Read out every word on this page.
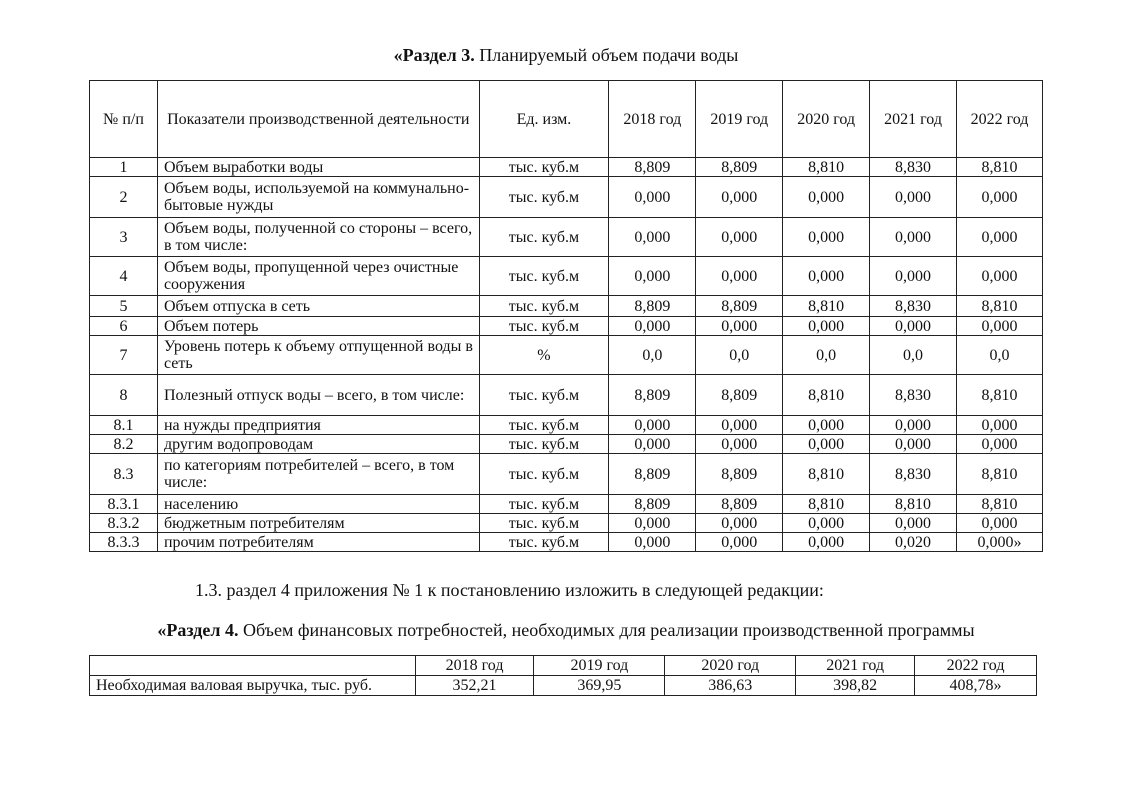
«Раздел 3. Планируемый объем подачи воды
№ п/п	Показатели производственной деятельности	Ед. изм.	2018 год	2019 год	2020 год	2021 год	2022 год
1	Объем выработки воды	тыс. куб.м	8,809	8,809	8,810	8,830	8,810
2	Объем воды, используемой на коммунально-бытовые нужды	тыс. куб.м	0,000	0,000	0,000	0,000	0,000
3	Объем воды, полученной со стороны – всего, в том числе:	тыс. куб.м	0,000	0,000	0,000	0,000	0,000
4	Объем воды, пропущенной через очистные сооружения	тыс. куб.м	0,000	0,000	0,000	0,000	0,000
5	Объем отпуска в сеть	тыс. куб.м	8,809	8,809	8,810	8,830	8,810
6	Объем потерь	тыс. куб.м	0,000	0,000	0,000	0,000	0,000
7	Уровень потерь к объему отпущенной воды в сеть	%	0,0	0,0	0,0	0,0	0,0
8	Полезный отпуск воды – всего, в том числе:	тыс. куб.м	8,809	8,809	8,810	8,830	8,810
8.1	на нужды предприятия	тыс. куб.м	0,000	0,000	0,000	0,000	0,000
8.2	другим водопроводам	тыс. куб.м	0,000	0,000	0,000	0,000	0,000
8.3	по категориям потребителей – всего, в том числе:	тыс. куб.м	8,809	8,809	8,810	8,830	8,810
8.3.1	населению	тыс. куб.м	8,809	8,809	8,810	8,810	8,810
8.3.2	бюджетным потребителям	тыс. куб.м	0,000	0,000	0,000	0,000	0,000
8.3.3	прочим потребителям	тыс. куб.м	0,000	0,000	0,000	0,020	0,000»
1.3. раздел 4 приложения № 1 к постановлению изложить в следующей редакции:
«Раздел 4. Объем финансовых потребностей, необходимых для реализации производственной программы
	2018 год	2019 год	2020 год	2021 год	2022 год
Необходимая валовая выручка, тыс. руб.	352,21	369,95	386,63	398,82	408,78»
